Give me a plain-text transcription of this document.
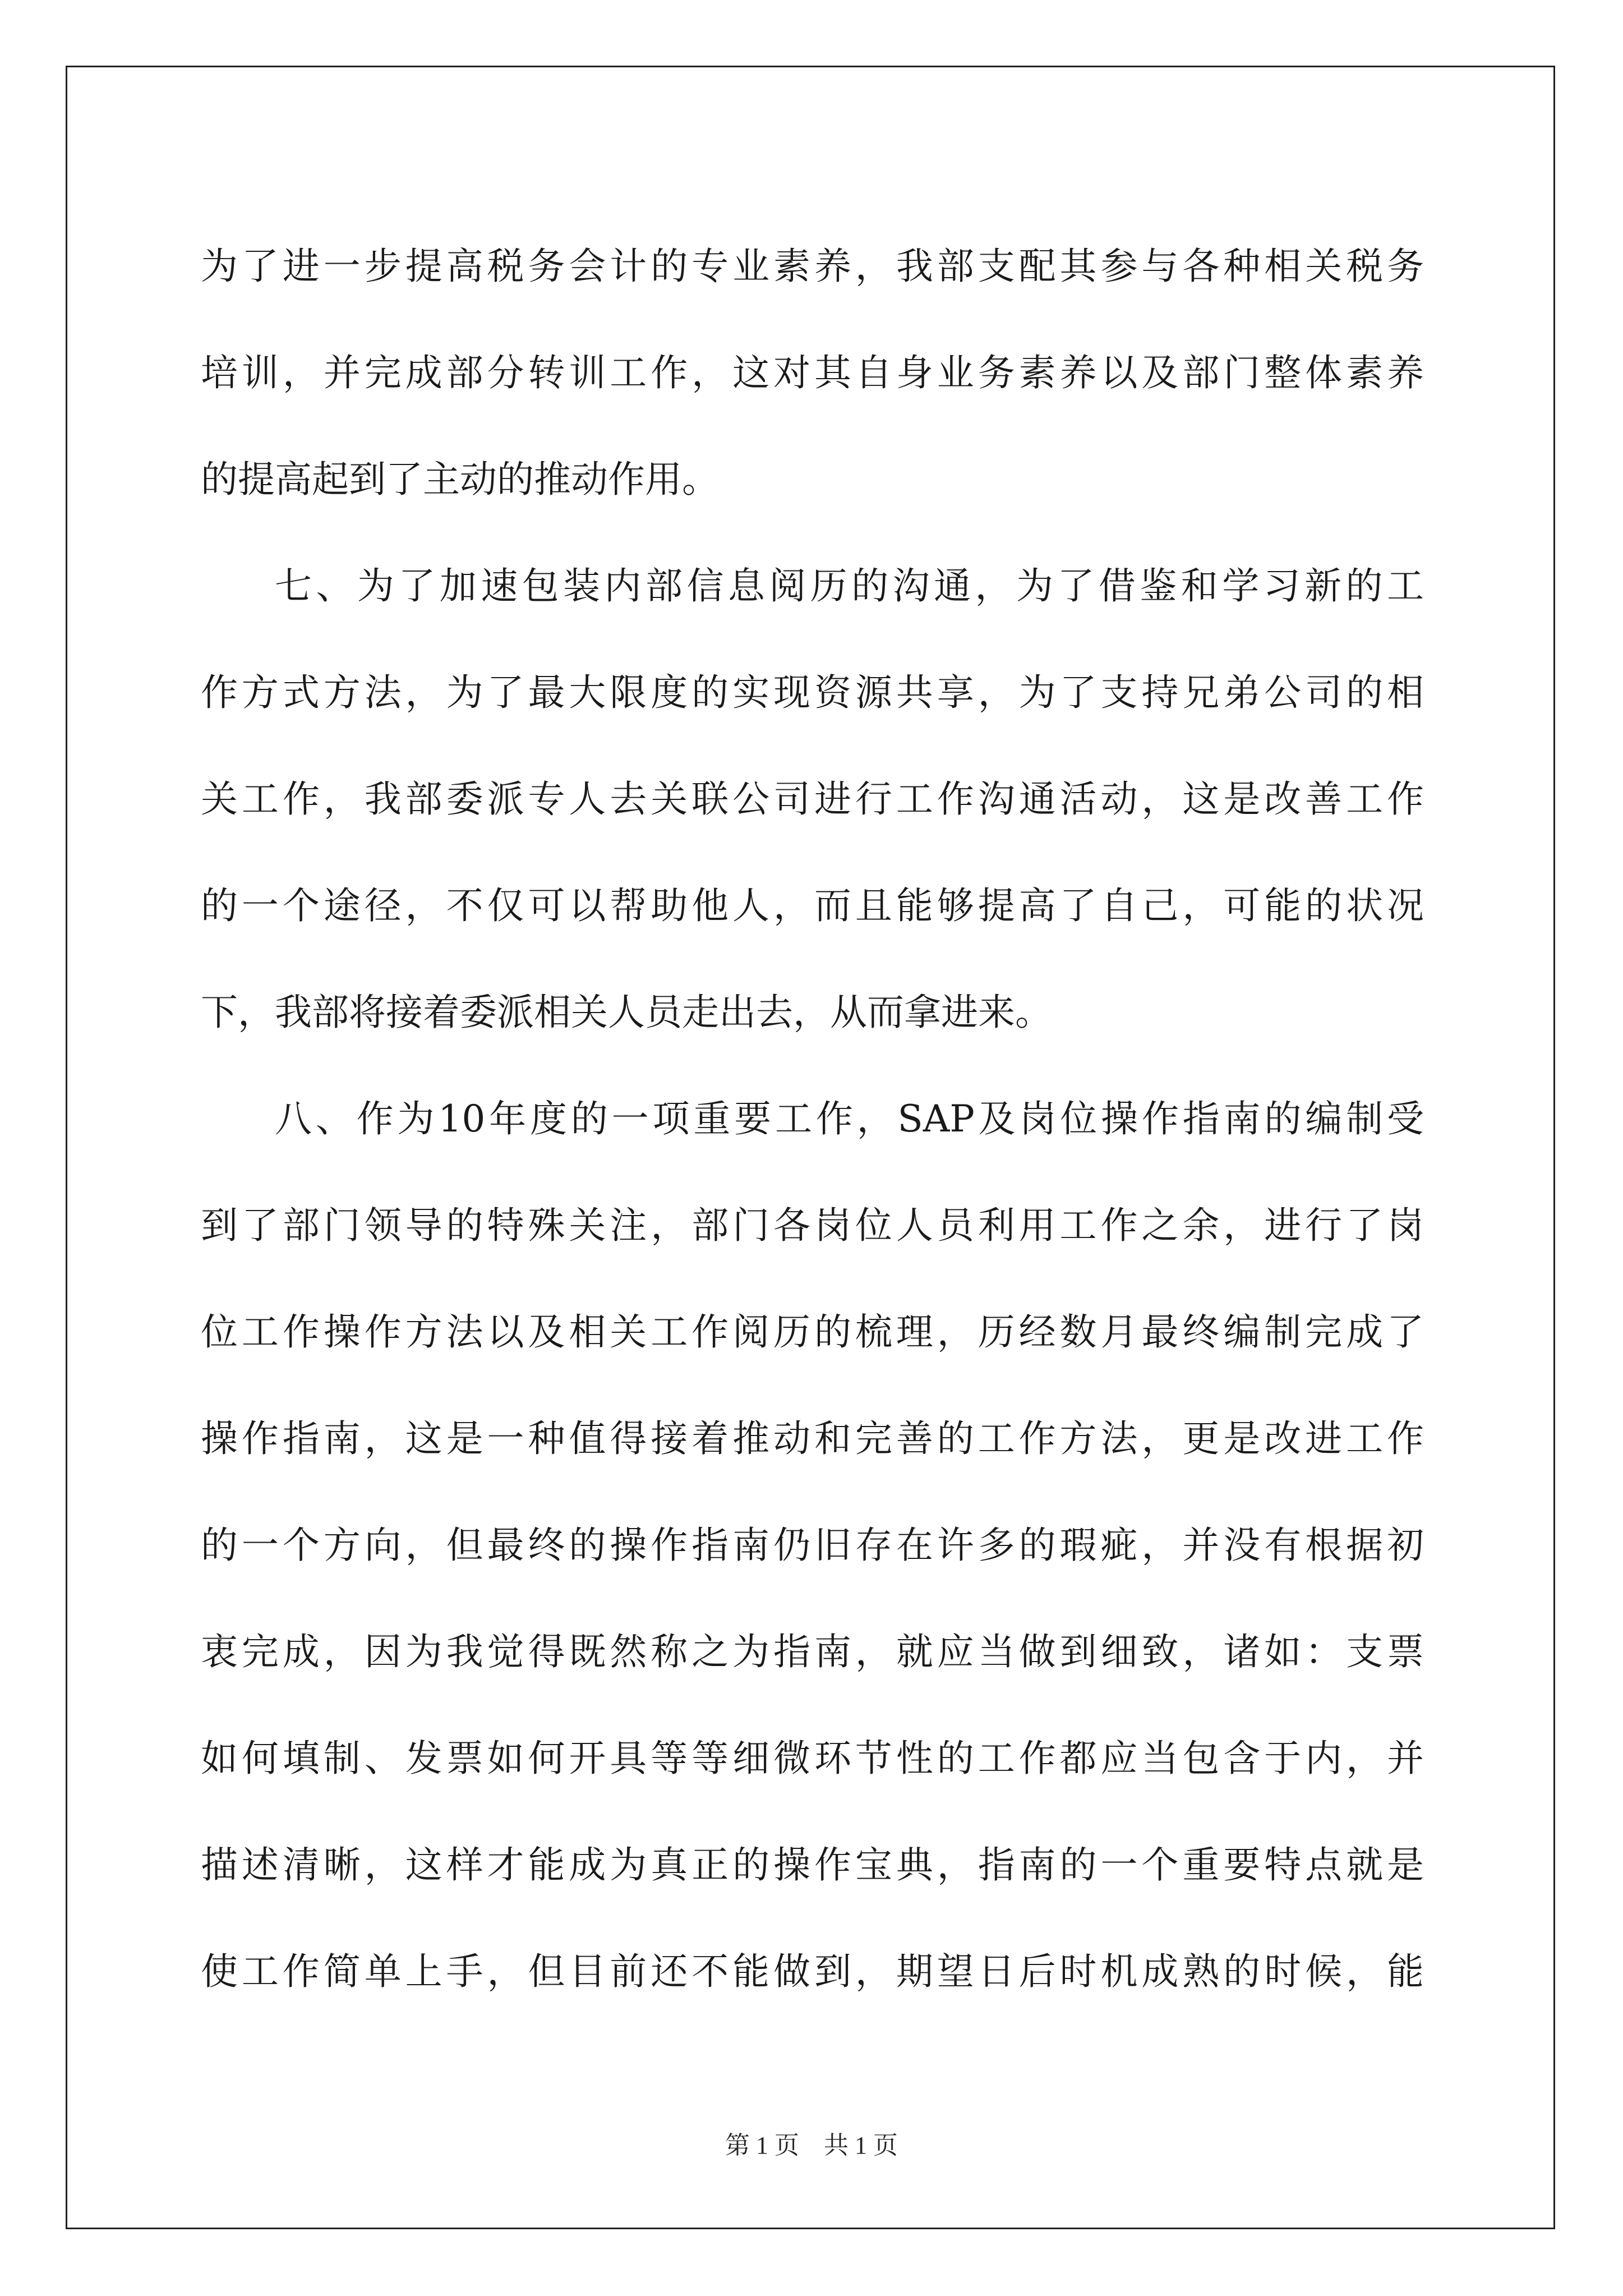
为了进一步提高税务会计的专业素养，我部支配其参与各种相关税务
培训，并完成部分转训工作，这对其自身业务素养以及部门整体素养
的提高起到了主动的推动作用。
七、为了加速包装内部信息阅历的沟通，为了借鉴和学习新的工
作方式方法，为了最大限度的实现资源共享，为了支持兄弟公司的相
关工作，我部委派专人去关联公司进行工作沟通活动，这是改善工作
的一个途径，不仅可以帮助他人，而且能够提高了自己，可能的状况
下，我部将接着委派相关人员走出去，从而拿进来。
八、作为10年度的一项重要工作，SAP及岗位操作指南的编制受
到了部门领导的特殊关注，部门各岗位人员利用工作之余，进行了岗
位工作操作方法以及相关工作阅历的梳理，历经数月最终编制完成了
操作指南，这是一种值得接着推动和完善的工作方法，更是改进工作
的一个方向，但最终的操作指南仍旧存在许多的瑕疵，并没有根据初
衷完成，因为我觉得既然称之为指南，就应当做到细致，诸如：支票
如何填制、发票如何开具等等细微环节性的工作都应当包含于内，并
描述清晰，这样才能成为真正的操作宝典，指南的一个重要特点就是
使工作简单上手，但目前还不能做到，期望日后时机成熟的时候，能
第 1 页 共 1 页
